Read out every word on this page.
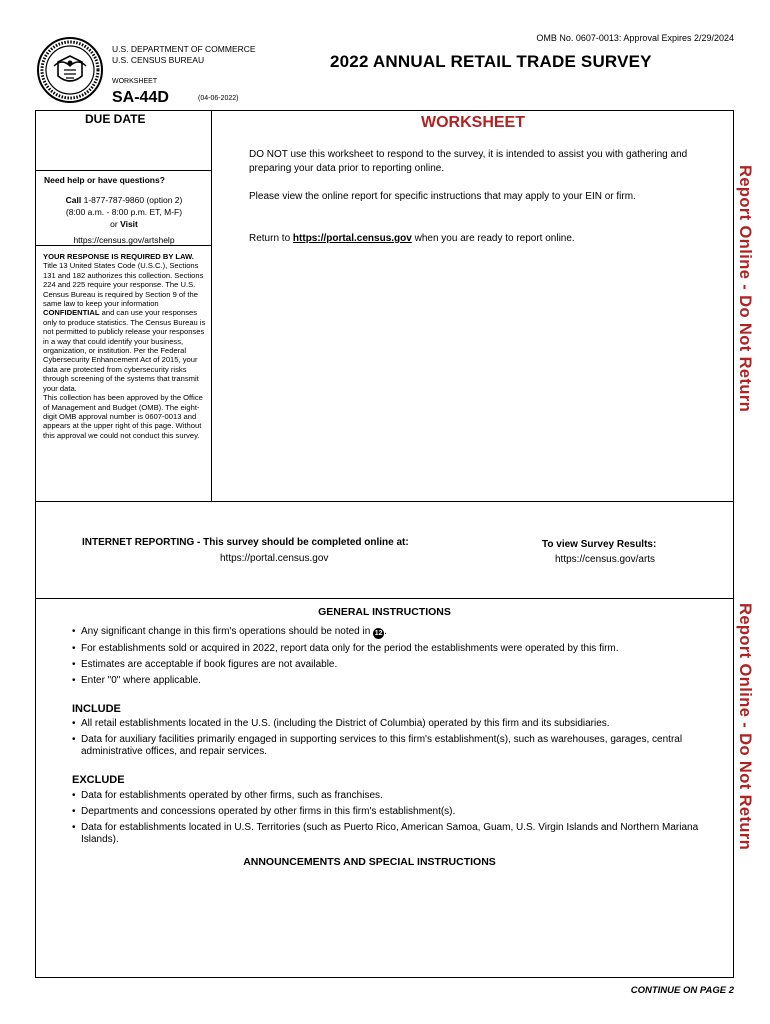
U.S. DEPARTMENT OF COMMERCE
U.S. CENSUS BUREAU
WORKSHEET
SA-44D	(04-06-2022)
OMB No. 0607-0013: Approval Expires 2/29/2024
2022 ANNUAL RETAIL TRADE SURVEY
DUE DATE
Need help or have questions?
Call 1-877-787-9860 (option 2)
(8:00 a.m. - 8:00 p.m. ET, M-F)
or Visit
https://census.gov/artshelp

YOUR RESPONSE IS REQUIRED BY LAW. Title 13 United States Code (U.S.C.), Sections 131 and 182 authorizes this collection. Sections 224 and 225 require your response. The U.S. Census Bureau is required by Section 9 of the same law to keep your information CONFIDENTIAL and can use your responses only to produce statistics. The Census Bureau is not permitted to publicly release your responses in a way that could identify your business, organization, or institution. Per the Federal Cybersecurity Enhancement Act of 2015, your data are protected from cybersecurity risks through screening of the systems that transmit your data.

This collection has been approved by the Office of Management and Budget (OMB). The eight-digit OMB approval number is 0607-0013 and appears at the upper right of this page. Without this approval we could not conduct this survey.

WORKSHEET
DO NOT use this worksheet to respond to the survey, it is intended to assist you with gathering and preparing your data prior to reporting online.
Please view the online report for specific instructions that may apply to your EIN or firm.
Return to https://portal.census.gov when you are ready to report online.	Report Online - Do Not Return
Report Online - Do Not Return
INTERNET REPORTING - This survey should be completed online at:
https://portal.census.gov
To view Survey Results:
https://census.gov/arts
GENERAL INSTRUCTIONS
• Any significant change in this firm's operations should be noted in 12 .
• For establishments sold or acquired in 2022, report data only for the period the establishments were operated by this firm.
• Estimates are acceptable if book figures are not available.
• Enter "0" where applicable.
INCLUDE
• All retail establishments located in the U.S. (including the District of Columbia) operated by this firm and its subsidiaries.
• Data for auxiliary facilities primarily engaged in supporting services to this firm's establishment(s), such as warehouses, garages, central administrative offices, and repair services.
EXCLUDE
• Data for establishments operated by other firms, such as franchises.
• Departments and concessions operated by other firms in this firm's establishment(s).
• Data for establishments located in U.S. Territories (such as Puerto Rico, American Samoa, Guam, U.S. Virgin Islands and Northern Mariana Islands).
ANNOUNCEMENTS AND SPECIAL INSTRUCTIONS
CONTINUE ON PAGE 2
